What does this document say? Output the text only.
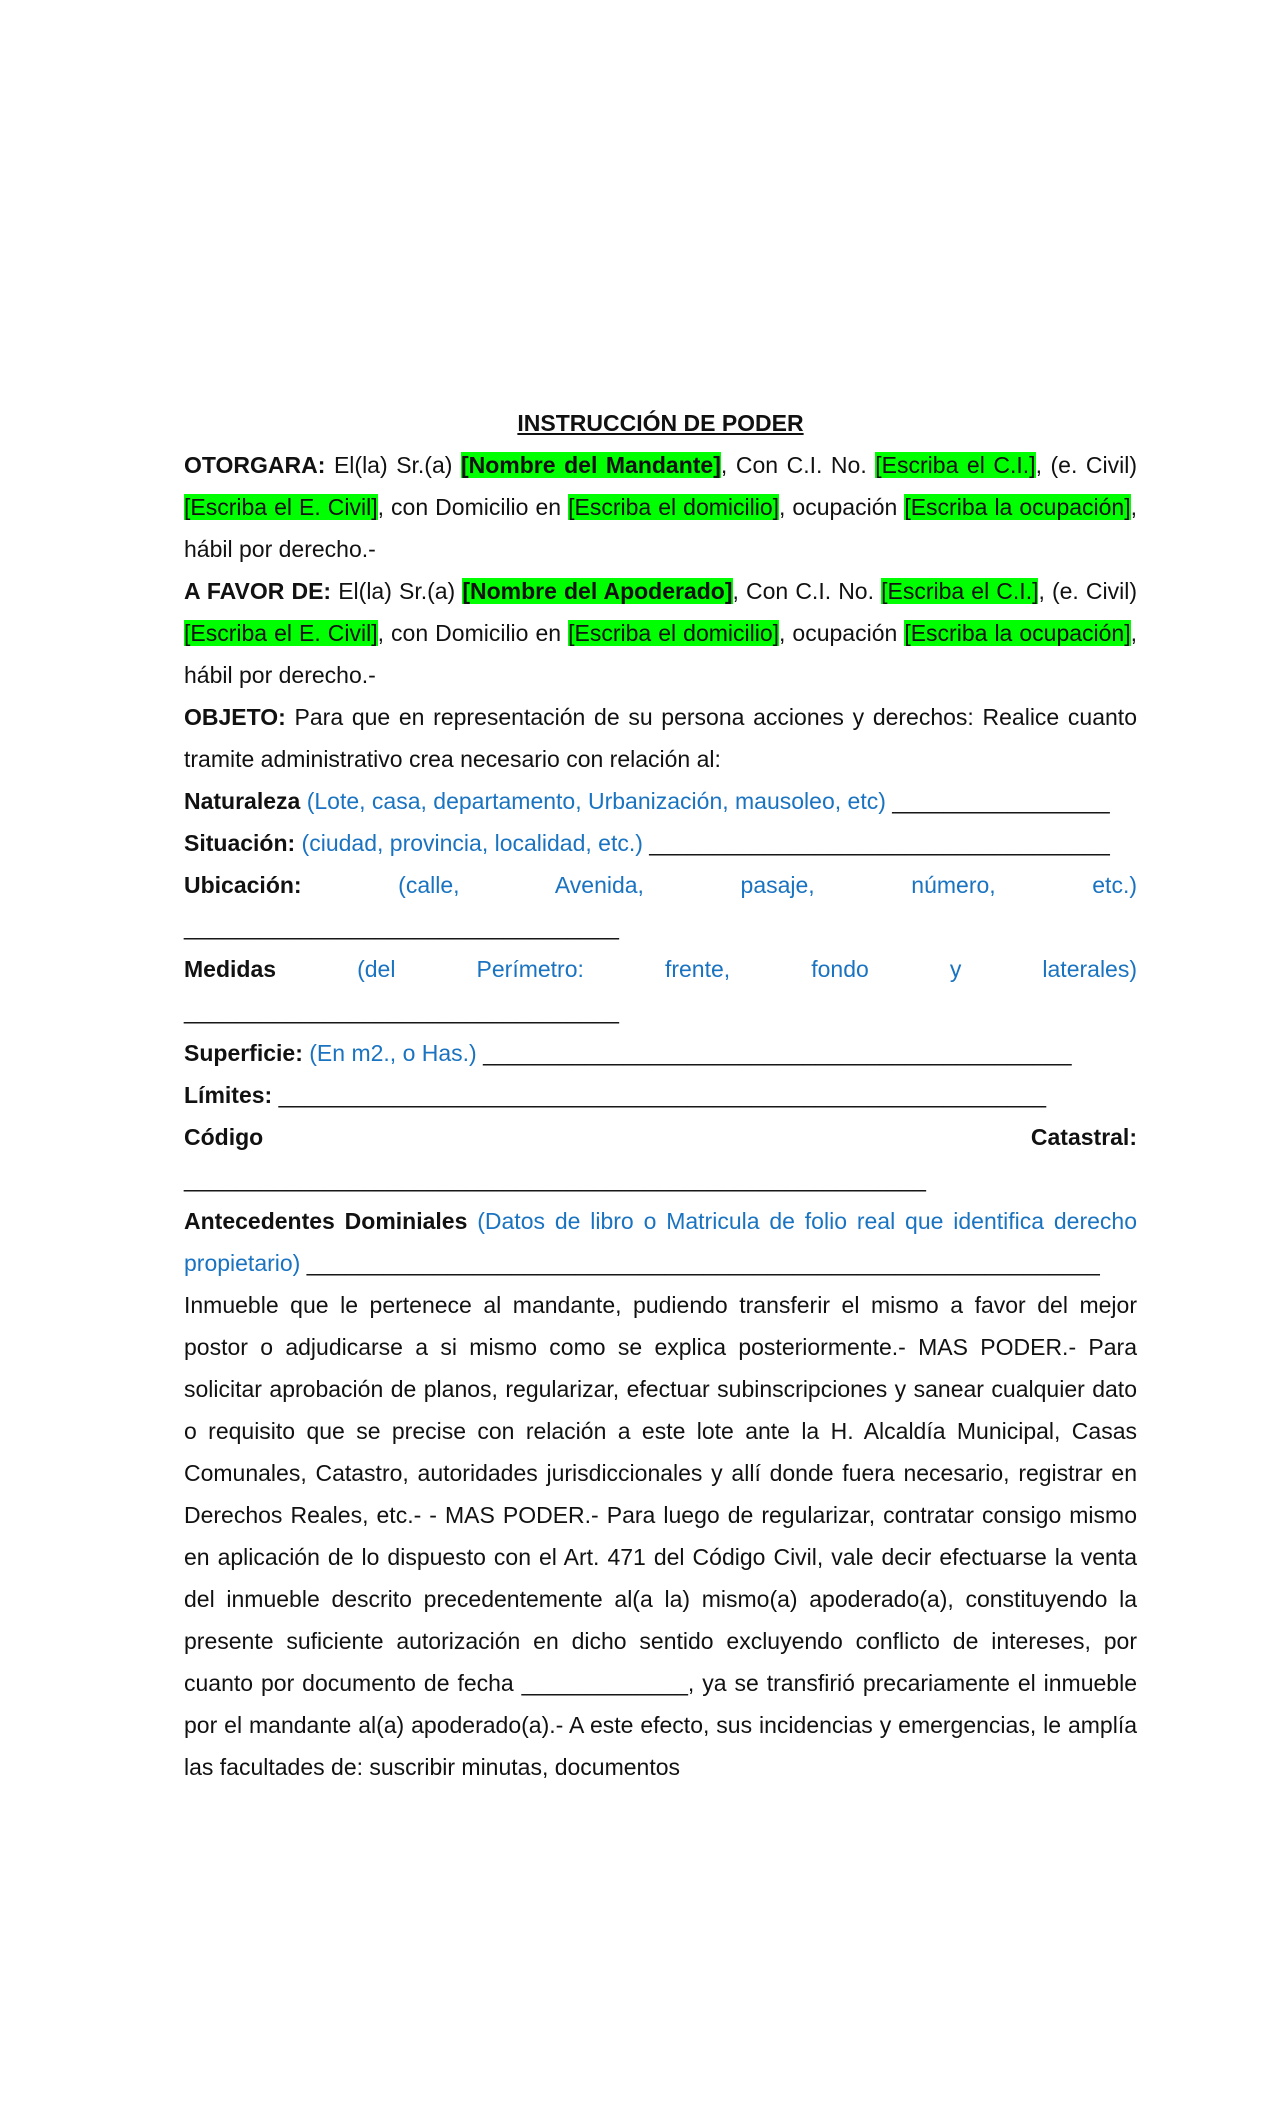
INSTRUCCIÓN DE PODER

OTORGARA: El(la) Sr.(a) [Nombre del Mandante], Con C.I. No. [Escriba el C.I.], (e. Civil)[Escriba el E. Civil], con Domicilio en [Escriba el domicilio], ocupación [Escriba la ocupación], hábil por derecho.-

A FAVOR DE: El(la) Sr.(a) [Nombre del Apoderado], Con C.I. No. [Escriba el C.I.], (e. Civil)[Escriba el E. Civil], con Domicilio en [Escriba el domicilio], ocupación [Escriba la ocupación], hábil por derecho.-

OBJETO: Para que en representación de su persona acciones y derechos: Realice cuanto tramite administrativo crea necesario con relación al:

Naturaleza (Lote, casa, departamento, Urbanización, mausoleo, etc) _________________

Situación: (ciudad, provincia, localidad, etc.) ____________________________________

Ubicación:	(calle, Avenida, pasaje, número, etc.)
__________________________________

Medidas	(del Perímetro: frente, fondo y laterales)
__________________________________

Superficie: (En m2., o Has.) ______________________________________________

Límites: ____________________________________________________________

Código	Catastral:
__________________________________________________________

Antecedentes Dominiales (Datos de libro o Matricula de folio real que identifica derecho propietario) ______________________________________________________________

Inmueble que le pertenece al mandante, pudiendo transferir el mismo a favor del mejor postor o adjudicarse a si mismo como se explica posteriormente.- MAS PODER.- Para solicitar aprobación de planos, regularizar, efectuar subinscripciones y sanear cualquier dato o requisito que se precise con relación a este lote ante la H. Alcaldía Municipal, Casas Comunales, Catastro, autoridades jurisdiccionales y allí donde fuera necesario, registrar en Derechos Reales, etc.- - MAS PODER.- Para luego de regularizar, contratar consigo mismo en aplicación de lo dispuesto con el Art. 471 del Código Civil, vale decir efectuarse la venta del inmueble descrito precedentemente al(a la) mismo(a) apoderado(a), constituyendo la presente suficiente autorización en dicho sentido excluyendo conflicto de intereses, por cuanto por documento de fecha _____________, ya se transfirió precariamente el inmueble por el mandante al(a) apoderado(a).- A este efecto, sus incidencias y emergencias, le amplía las facultades de: suscribir minutas, documentos
